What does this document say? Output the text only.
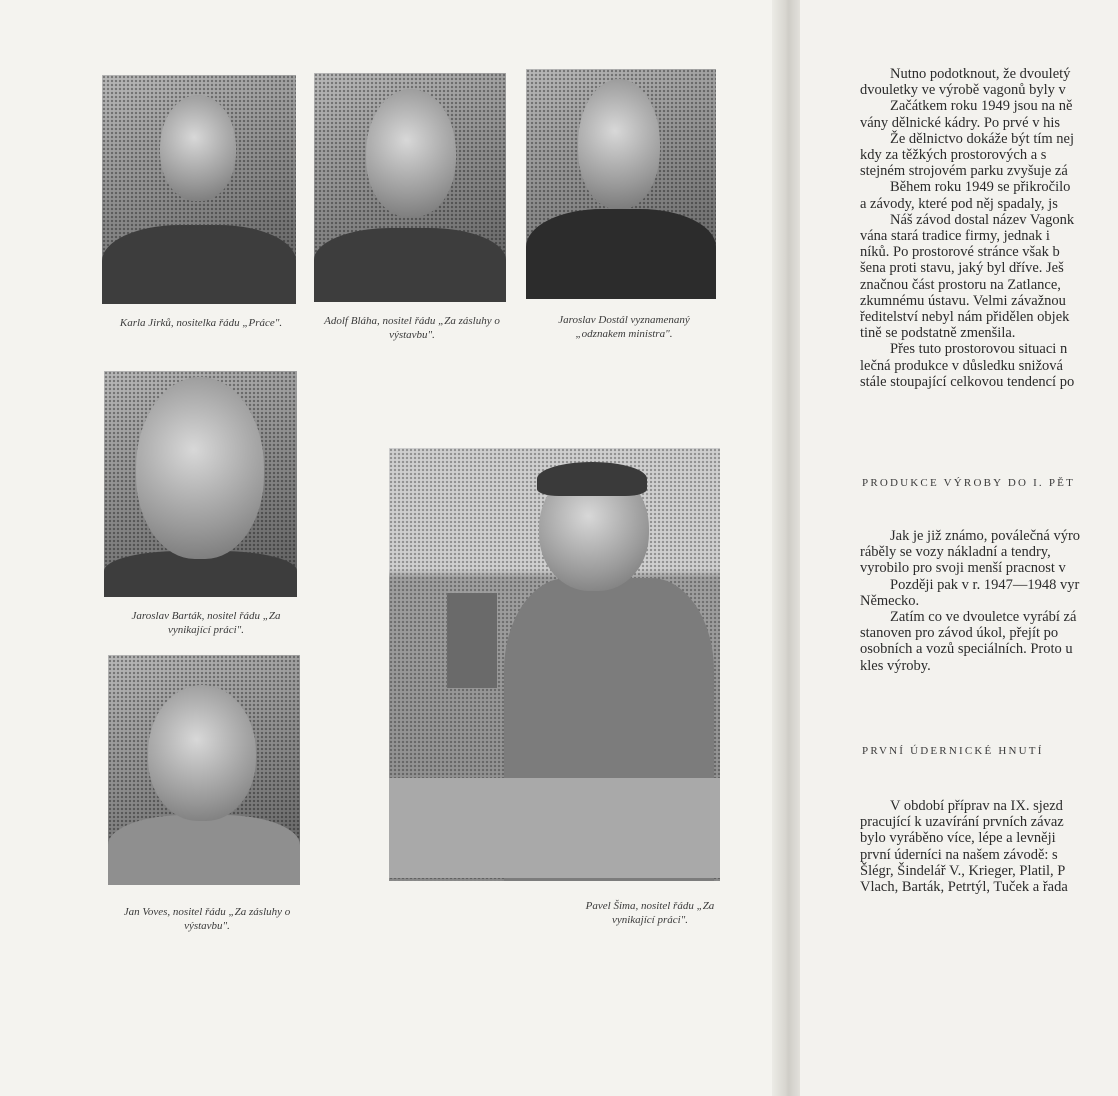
Karla Jirků, nositelka řádu „Práce".	Adolf Bláha, nositel řádu „Za zásluhy o výstavbu".
Jaroslav Dostál vyznamenaný „odznakem ministra".
Jaroslav Barták, nositel řádu „Za vynikající práci".
Jan Voves, nositel řádu „Za zásluhy o výstavbu".
Pavel Šima, nositel řádu „Za vynikající práci".
Nutno podotknout, že dvouletý
dvouletky ve výrobě vagonů byly v
Začátkem roku 1949 jsou na ně
vány dělnické kádry. Po prvé v his
Že dělnictvo dokáže být tím nej
kdy za těžkých prostorových a s
stejném strojovém parku zvyšuje zá
Během roku 1949 se přikročilo
a závody, které pod něj spadaly, js
Náš závod dostal název Vagonk
vána stará tradice firmy, jednak i
níků. Po prostorové stránce však b
šena proti stavu, jaký byl dříve. Ješ
značnou část prostoru na Zatlance,
zkumnému ústavu. Velmi závažnou
ředitelství nebyl nám přidělen objek
tině se podstatně zmenšila.
Přes tuto prostorovou situaci n
lečná produkce v důsledku snižová
stále stoupající celkovou tendencí po
PRODUKCE VÝROBY DO I. PĚT
Jak je již známo, poválečná výro
ráběly se vozy nákladní a tendry,
vyrobilo pro svoji menší pracnost v
Později pak v r. 1947—1948 vyr
Německo.
Zatím co ve dvouletce vyrábí zá
stanoven pro závod úkol, přejít po
osobních a vozů speciálních. Proto u
kles výroby.
PRVNÍ ÚDERNICKÉ HNUTÍ
V období příprav na IX. sjezd
pracující k uzavírání prvních závaz
bylo vyráběno více, lépe a levněji
první úderníci na našem závodě: s
Šlégr, Šindelář V., Krieger, Platil, P
Vlach, Barták, Petrtýl, Tuček a řada
